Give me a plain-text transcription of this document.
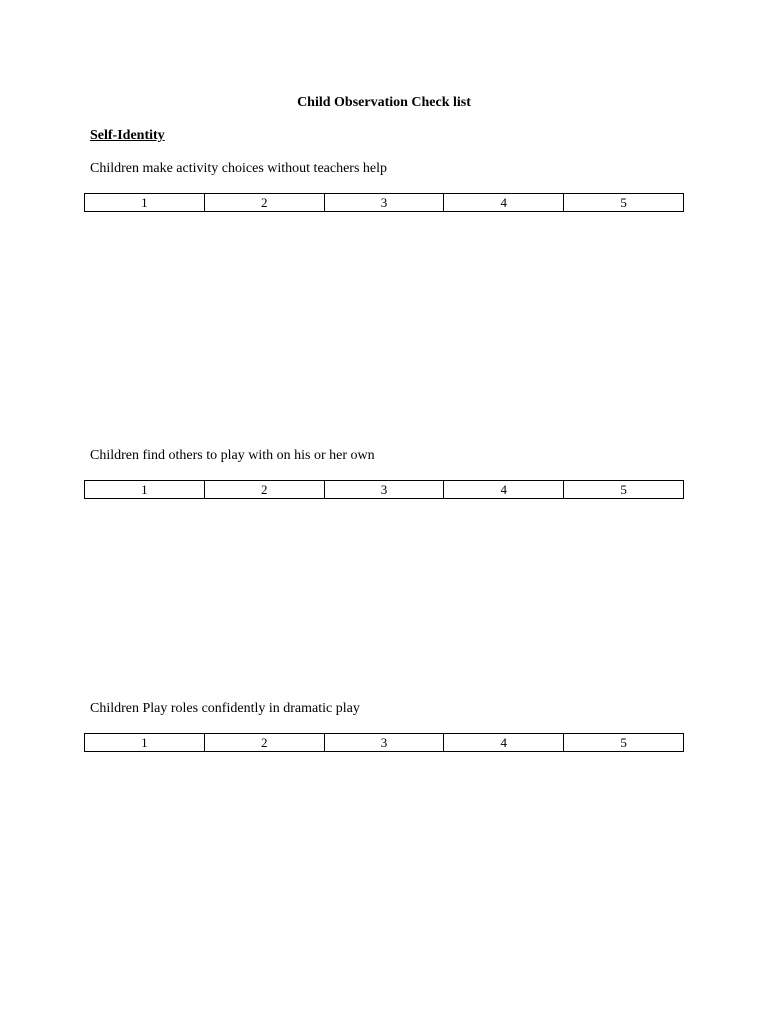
Child Observation Check list
Self-Identity
Children make activity choices without teachers help
1	2	3	4	5
Children find others to play with on his or her own
1	2	3	4	5
Children Play roles confidently in dramatic play
1	2	3	4	5
